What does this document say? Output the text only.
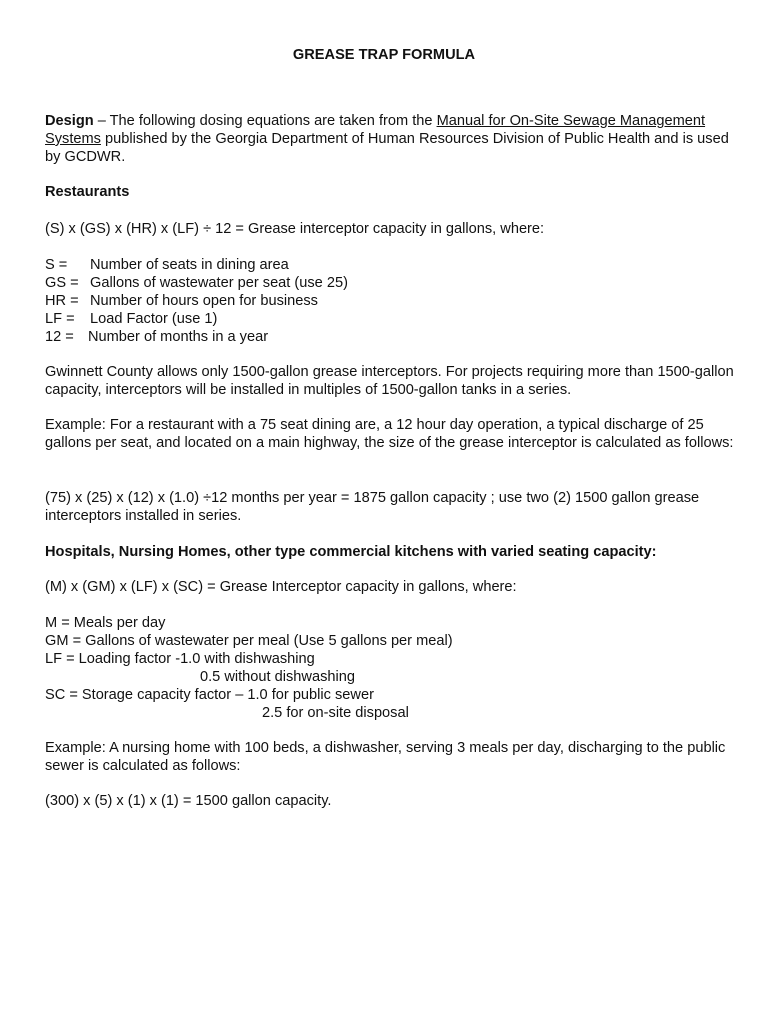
GREASE TRAP FORMULA

Design – The following dosing equations are taken from the Manual for On-Site Sewage Management Systems published by the Georgia Department of Human Resources Division of Public Health and is used by GCDWR.

Restaurants

(S) x (GS) x (HR) x (LF) ÷ 12 = Grease interceptor capacity in gallons, where:

S = Number of seats in dining area
GS = Gallons of wastewater per seat (use 25)
HR = Number of hours open for business
LF = Load Factor (use 1)
12 = Number of months in a year

Gwinnett County allows only 1500-gallon grease interceptors. For projects requiring more than 1500-gallon capacity, interceptors will be installed in multiples of 1500-gallon tanks in a series.

Example: For a restaurant with a 75 seat dining are, a 12 hour day operation, a typical discharge of 25 gallons per seat, and located on a main highway, the size of the grease interceptor is calculated as follows:

(75) x (25) x (12) x (1.0) ÷12 months per year = 1875 gallon capacity ; use two (2) 1500 gallon grease interceptors installed in series.

Hospitals, Nursing Homes, other type commercial kitchens with varied seating capacity:

(M) x (GM) x (LF) x (SC) = Grease Interceptor capacity in gallons, where:

M = Meals per day
GM = Gallons of wastewater per meal (Use 5 gallons per meal)
LF = Loading factor -1.0 with dishwashing
0.5 without dishwashing
SC = Storage capacity factor – 1.0 for public sewer
2.5 for on-site disposal

Example: A nursing home with 100 beds, a dishwasher, serving 3 meals per day, discharging to the public sewer is calculated as follows:

(300) x (5) x (1) x (1) = 1500 gallon capacity.
